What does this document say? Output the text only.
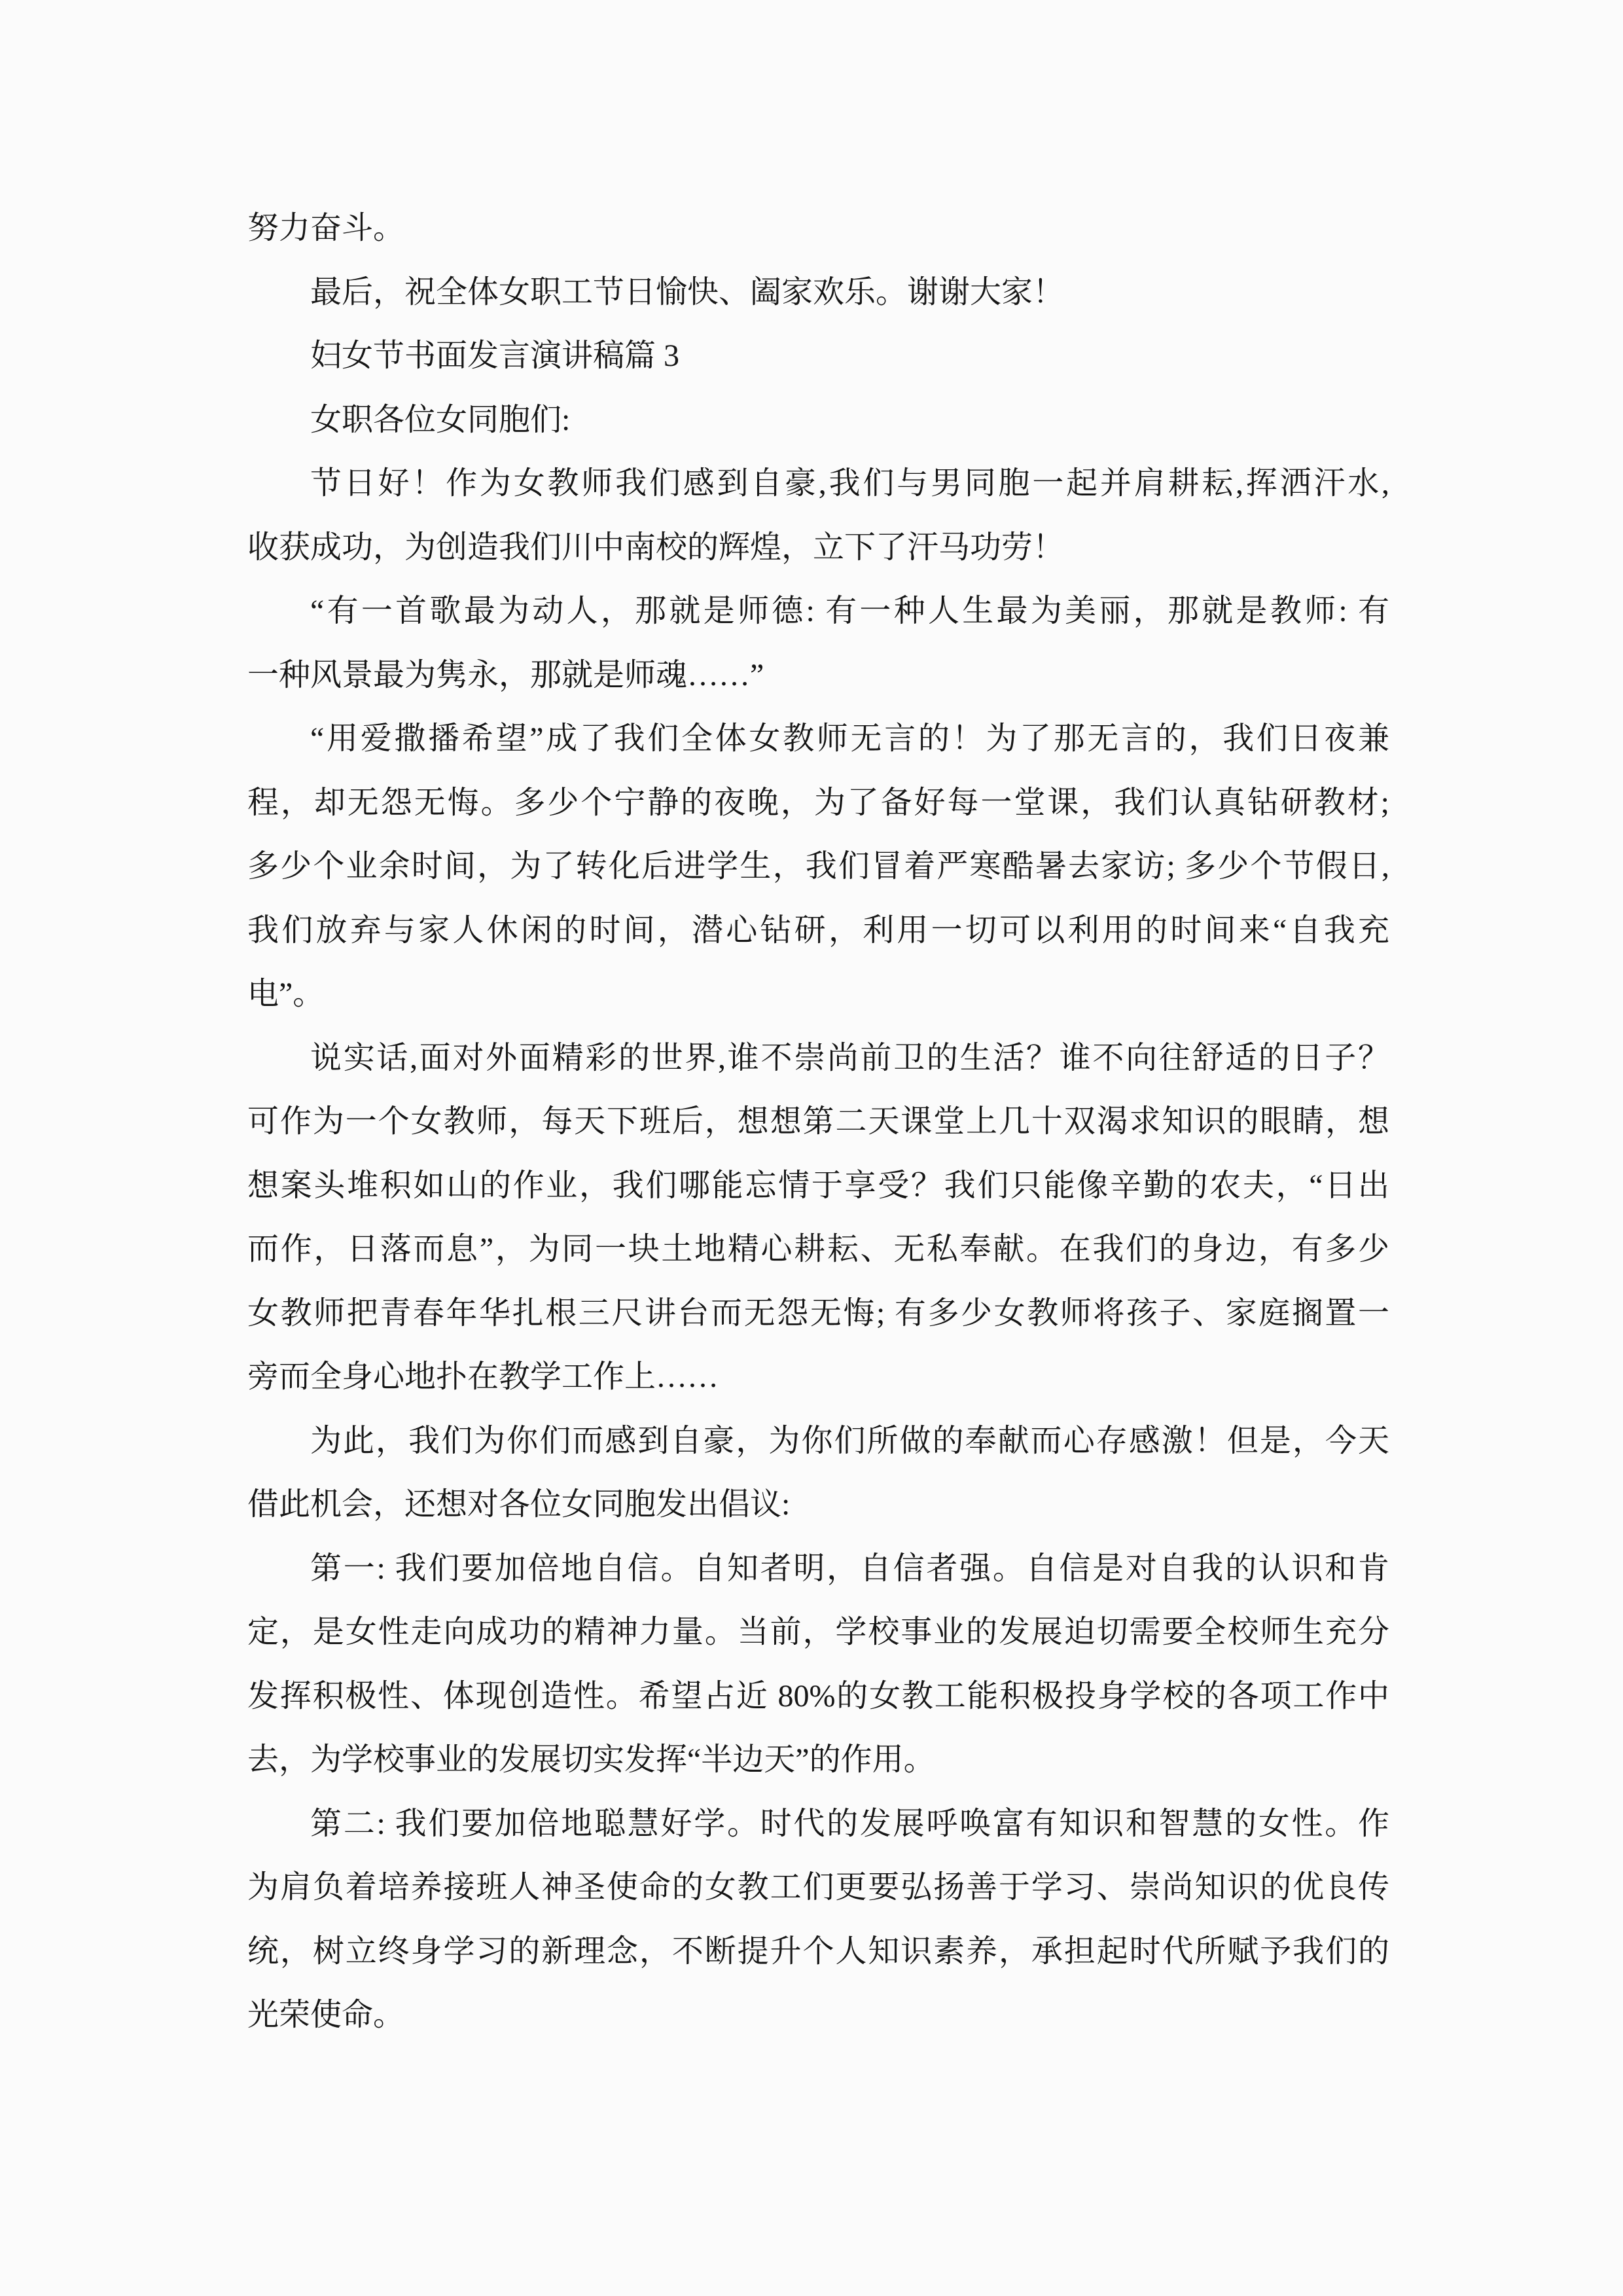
努力奋斗。
最后，祝全体女职工节日愉快、阖家欢乐。谢谢大家！
妇女节书面发言演讲稿篇 3
女职各位女同胞们:
节日好！作为女教师我们感到自豪,我们与男同胞一起并肩耕耘,挥洒汗水,
收获成功，为创造我们川中南校的辉煌，立下了汗马功劳！
“有一首歌最为动人，那就是师德: 有一种人生最为美丽，那就是教师: 有
一种风景最为隽永，那就是师魂……”
“用爱撒播希望”成了我们全体女教师无言的！为了那无言的，我们日夜兼
程，却无怨无悔。多少个宁静的夜晚，为了备好每一堂课，我们认真钻研教材;
多少个业余时间，为了转化后进学生，我们冒着严寒酷暑去家访; 多少个节假日,
我们放弃与家人休闲的时间，潜心钻研，利用一切可以利用的时间来“自我充
电”。
说实话,面对外面精彩的世界,谁不崇尚前卫的生活？谁不向往舒适的日子？
可作为一个女教师，每天下班后，想想第二天课堂上几十双渴求知识的眼睛，想
想案头堆积如山的作业，我们哪能忘情于享受？我们只能像辛勤的农夫，“日出
而作，日落而息”，为同一块土地精心耕耘、无私奉献。在我们的身边，有多少
女教师把青春年华扎根三尺讲台而无怨无悔; 有多少女教师将孩子、家庭搁置一
旁而全身心地扑在教学工作上……
为此，我们为你们而感到自豪，为你们所做的奉献而心存感激！但是，今天
借此机会，还想对各位女同胞发出倡议:
第一: 我们要加倍地自信。自知者明，自信者强。自信是对自我的认识和肯
定，是女性走向成功的精神力量。当前，学校事业的发展迫切需要全校师生充分
发挥积极性、体现创造性。希望占近 80%的女教工能积极投身学校的各项工作中
去，为学校事业的发展切实发挥“半边天”的作用。
第二: 我们要加倍地聪慧好学。时代的发展呼唤富有知识和智慧的女性。作
为肩负着培养接班人神圣使命的女教工们更要弘扬善于学习、崇尚知识的优良传
统，树立终身学习的新理念，不断提升个人知识素养，承担起时代所赋予我们的
光荣使命。
